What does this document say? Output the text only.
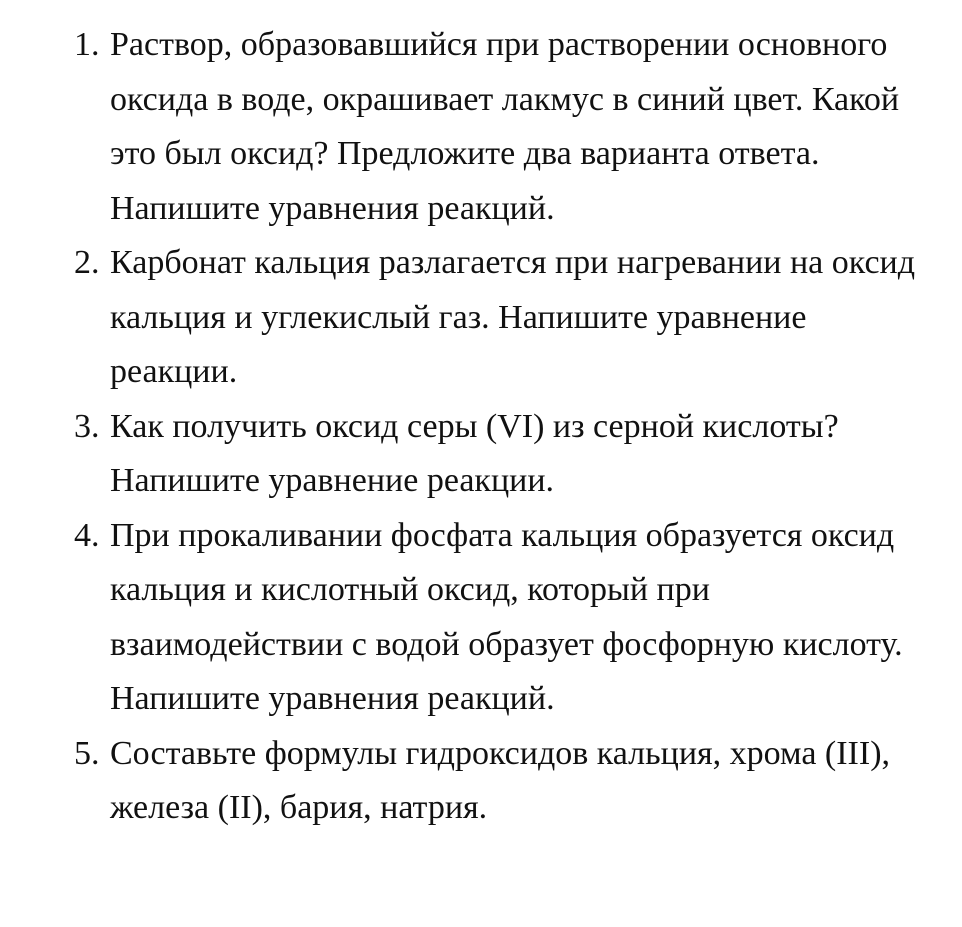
1. Раствор, образовавшийся при растворении основного оксида в воде, окрашивает лакмус в синий цвет. Какой это был оксид? Предложите два варианта ответа. Напишите уравнения реакций.
2. Карбонат кальция разлагается при нагревании на оксид кальция и углекислый газ. Напишите уравнение реакции.
3. Как получить оксид серы (VI) из серной кислоты? Напишите уравнение реакции.
4. При прокаливании фосфата кальция образуется оксид кальция и кислотный оксид, который при взаимодействии с водой образует фосфорную кислоту. Напишите уравнения реакций.
5. Составьте формулы гидроксидов кальция, хрома (III), железа (II), бария, натрия.
